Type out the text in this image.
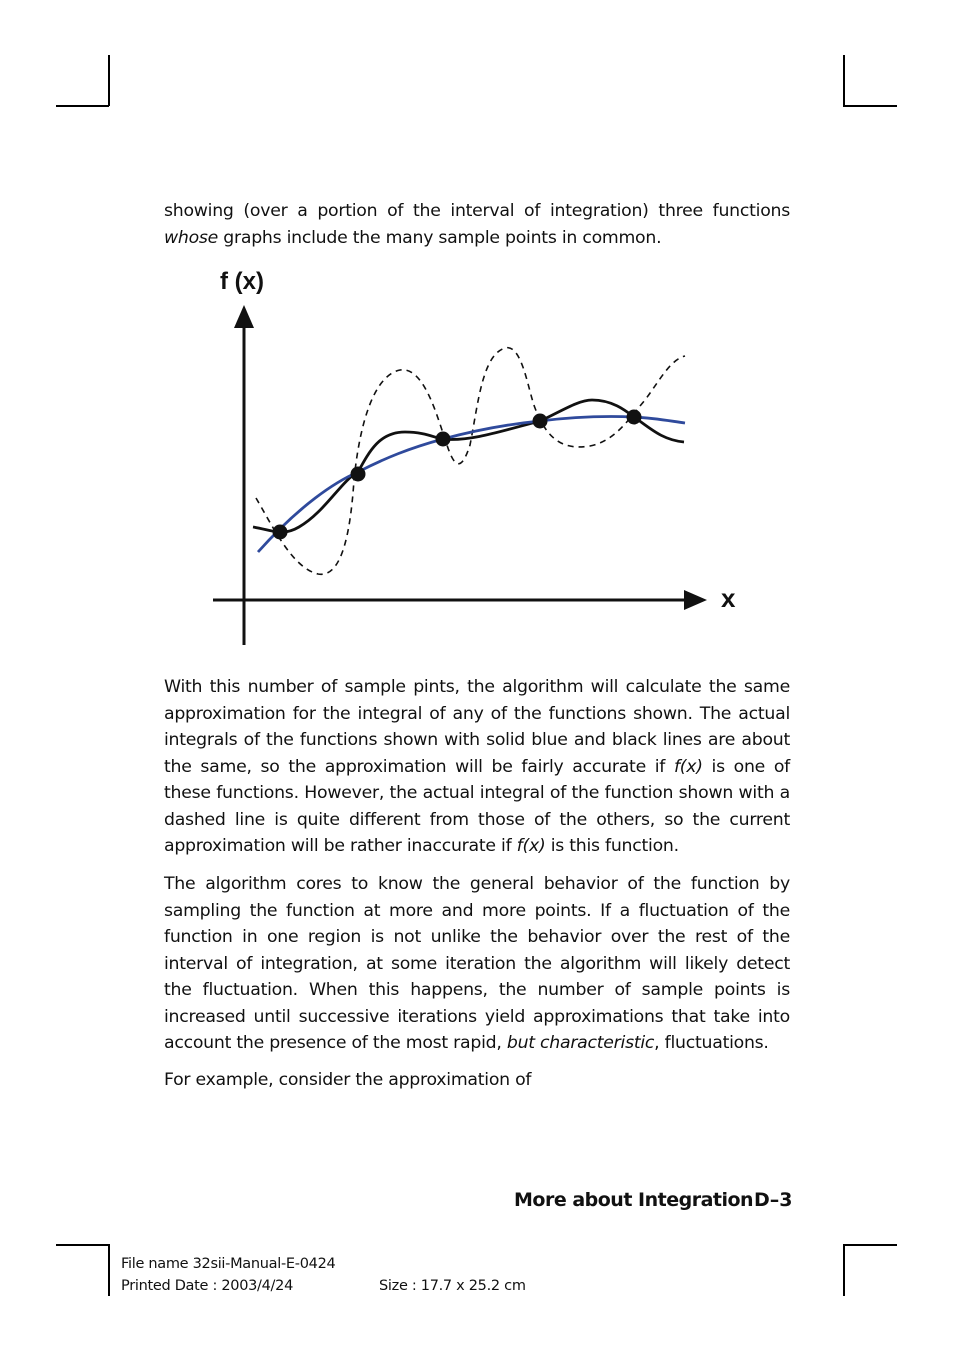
showing (over a portion of the interval of integration) three functions whose graphs include the many sample points in common.

f (x)
x

With this number of sample pints, the algorithm will calculate the same approximation for the integral of any of the functions shown. The actual integrals of the functions shown with solid blue and black lines are about the same, so the approximation will be fairly accurate if f(x) is one of these functions. However, the actual integral of the function shown with a dashed line is quite different from those of the others, so the current approximation will be rather inaccurate if f(x) is this function.

The algorithm cores to know the general behavior of the function by sampling the function at more and more points. If a fluctuation of the function in one region is not unlike the behavior over the rest of the interval of integration, at some iteration the algorithm will likely detect the fluctuation. When this happens, the number of sample points is increased until successive iterations yield approximations that take into account the presence of the most rapid, but characteristic, fluctuations.

For example, consider the approximation of

More about Integration D–3
File name 32sii-Manual-E-0424
Printed Date : 2003/4/24	Size : 17.7 x 25.2 cm
